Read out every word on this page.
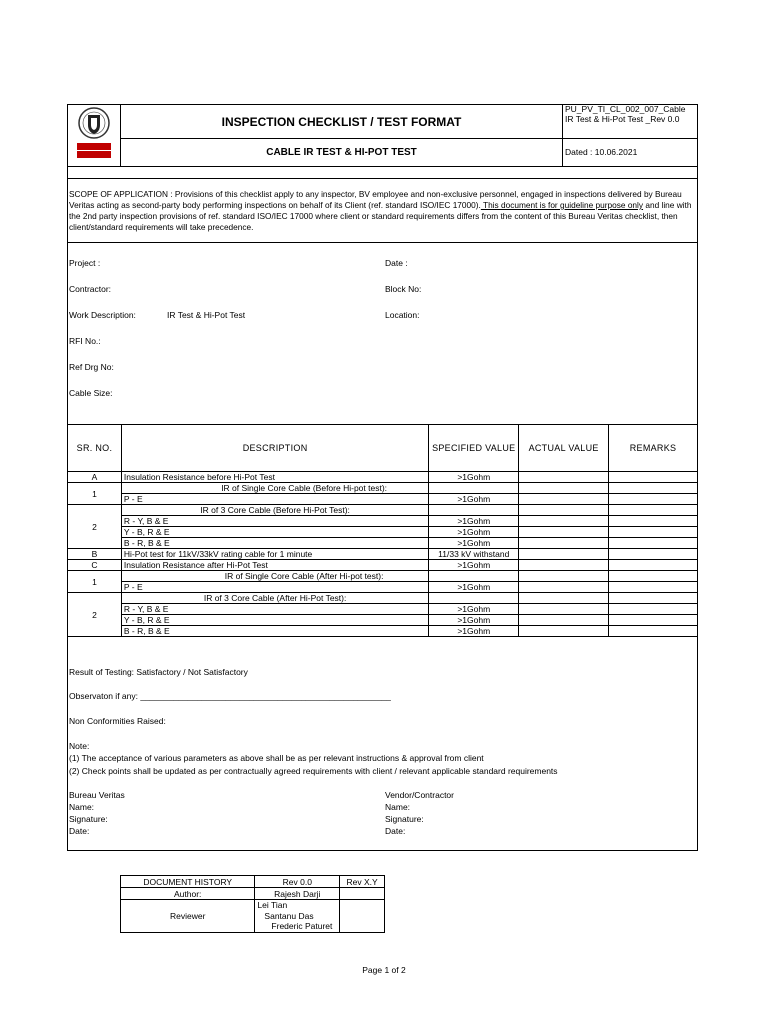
	INSPECTION CHECKLIST / TEST FORMAT	PU_PV_TI_CL_002_007_Cable IR Test & Hi-Pot Test _Rev 0.0
	CABLE IR TEST & HI-POT TEST	Dated : 10.06.2021
SCOPE OF APPLICATION : Provisions of this checklist apply to any inspector, BV employee and non-exclusive personnel, engaged in inspections delivered by Bureau Veritas acting as second-party body performing inspections on behalf of its Client (ref. standard ISO/IEC 17000). This document is for guideline purpose only and line with the 2nd party inspection provisions of ref. standard ISO/IEC 17000 where client or standard requirements differs from the content of this Bureau Veritas checklist, then client/standard requirements will take precedence.
Project :	Date :
Contractor:	Block No:
Work Description:	IR Test & Hi-Pot Test	Location:
RFI No.:
Ref Drg No:
Cable Size:
SR. NO.	DESCRIPTION	SPECIFIED VALUE	ACTUAL VALUE	REMARKS
A	Insulation Resistance before Hi-Pot Test	>1Gohm		
1	IR of Single Core Cable (Before Hi-pot test):			
	P - E	>1Gohm		
2	IR of 3 Core Cable (Before Hi-Pot Test):			
	R - Y, B & E	>1Gohm		
	Y - B, R & E	>1Gohm		
	B - R, B & E	>1Gohm		
B	Hi-Pot test for 11kV/33kV rating cable for 1 minute	11/33 kV withstand		
C	Insulation Resistance after Hi-Pot Test	>1Gohm		
1	IR of Single Core Cable (After Hi-pot test):			
	P - E	>1Gohm		
2	IR of 3 Core Cable (After Hi-Pot Test):			
	R - Y, B & E	>1Gohm		
	Y - B, R & E	>1Gohm		
	B - R, B & E	>1Gohm		
Result of Testing: Satisfactory / Not Satisfactory
Observaton if any: _____________________________________________________
Non Conformities Raised:
Note:
(1) The acceptance of various parameters as above shall be as per relevant instructions & approval from client
(2) Check points shall be updated as per contractually agreed requirements with client / relevant applicable standard requirements
Bureau Veritas
Name:
Signature:
Date:
Vendor/Contractor
Name:
Signature:
Date:
DOCUMENT HISTORY	Rev 0.0	Rev X.Y
Author:	Rajesh Darji	
Reviewer	Lei Tian
Santanu Das
Frederic Paturet	

Page 1 of 2
